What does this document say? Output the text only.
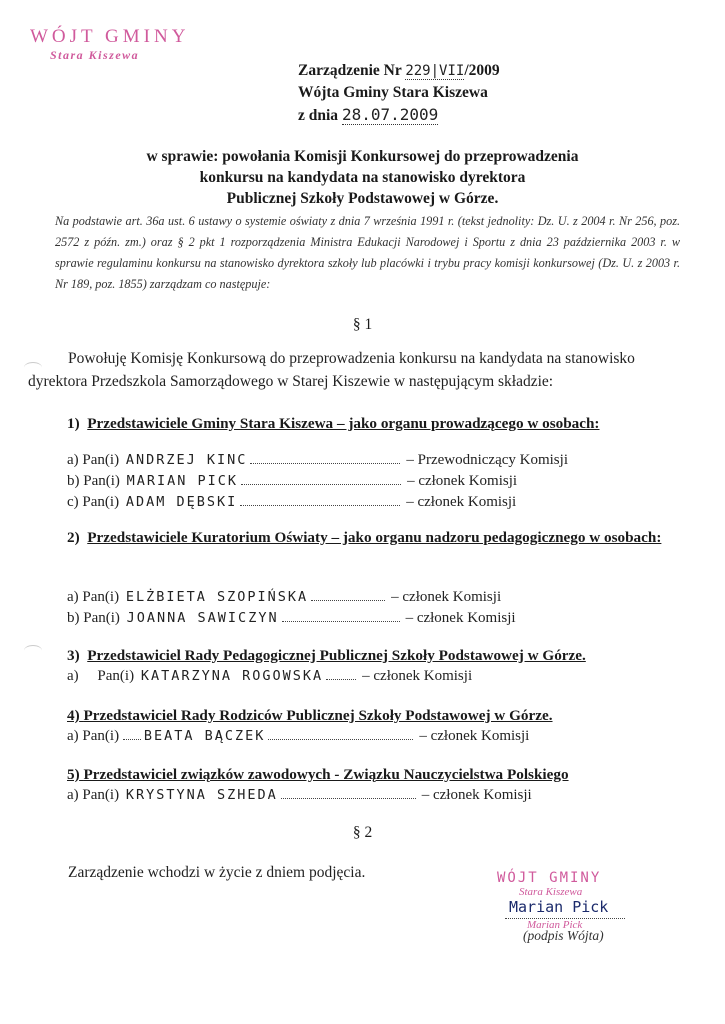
WÓJT GMINY
Stara Kiszewa
Zarządzenie Nr 229|VII/2009
Wójta Gminy Stara Kiszewa
z dnia 28.07.2009
w sprawie: powołania Komisji Konkursowej do przeprowadzenia
konkursu na kandydata na stanowisko dyrektora
Publicznej Szkoły Podstawowej w Górze.
Na podstawie art. 36a ust. 6 ustawy o systemie oświaty z dnia 7 września 1991 r. (tekst jednolity: Dz. U. z 2004 r. Nr 256, poz. 2572 z późn. zm.) oraz § 2 pkt 1 rozporządzenia Ministra Edukacji Narodowej i Sportu z dnia 23 października 2003 r. w sprawie regulaminu konkursu na stanowisko dyrektora szkoły lub placówki i trybu pracy komisji konkursowej (Dz. U. z 2003 r. Nr 189, poz. 1855) zarządzam co następuje:
§ 1
Powołuję Komisję Konkursową do przeprowadzenia konkursu na kandydata na stanowisko
dyrektora Przedszkola Samorządowego w Starej Kiszewie w następującym składzie:
1) Przedstawiciele Gminy Stara Kiszewa – jako organu prowadzącego w osobach:
a) Pan(i) ANDRZEJ KINC	– Przewodniczący Komisji
b) Pan(i) MARIAN PICK	– członek Komisji
c) Pan(i) ADAM DĘBSKI	– członek Komisji
2) Przedstawiciele Kuratorium Oświaty – jako organu nadzoru pedagogicznego w osobach:
a) Pan(i) ELŻBIETA SZOPIŃSKA	– członek Komisji
b) Pan(i) JOANNA SAWICZYN	– członek Komisji
3) Przedstawiciel Rady Pedagogicznej Publicznej Szkoły Podstawowej w Górze.
a)     Pan(i) KATARZYNA ROGOWSKA	– członek Komisji
4) Przedstawiciel Rady Rodziców Publicznej Szkoły Podstawowej w Górze.
a) Pan(i) BEATA BĄCZEK	– członek Komisji
5) Przedstawiciel związków zawodowych - Związku Nauczycielstwa Polskiego
a) Pan(i) KRYSTYNA SZHEDA	– członek Komisji
§ 2
Zarządzenie wchodzi w życie z dniem podjęcia.	WÓJT GMINY
Stara Kiszewa
Marian Pick
Marian Pick
(podpis Wójta)
